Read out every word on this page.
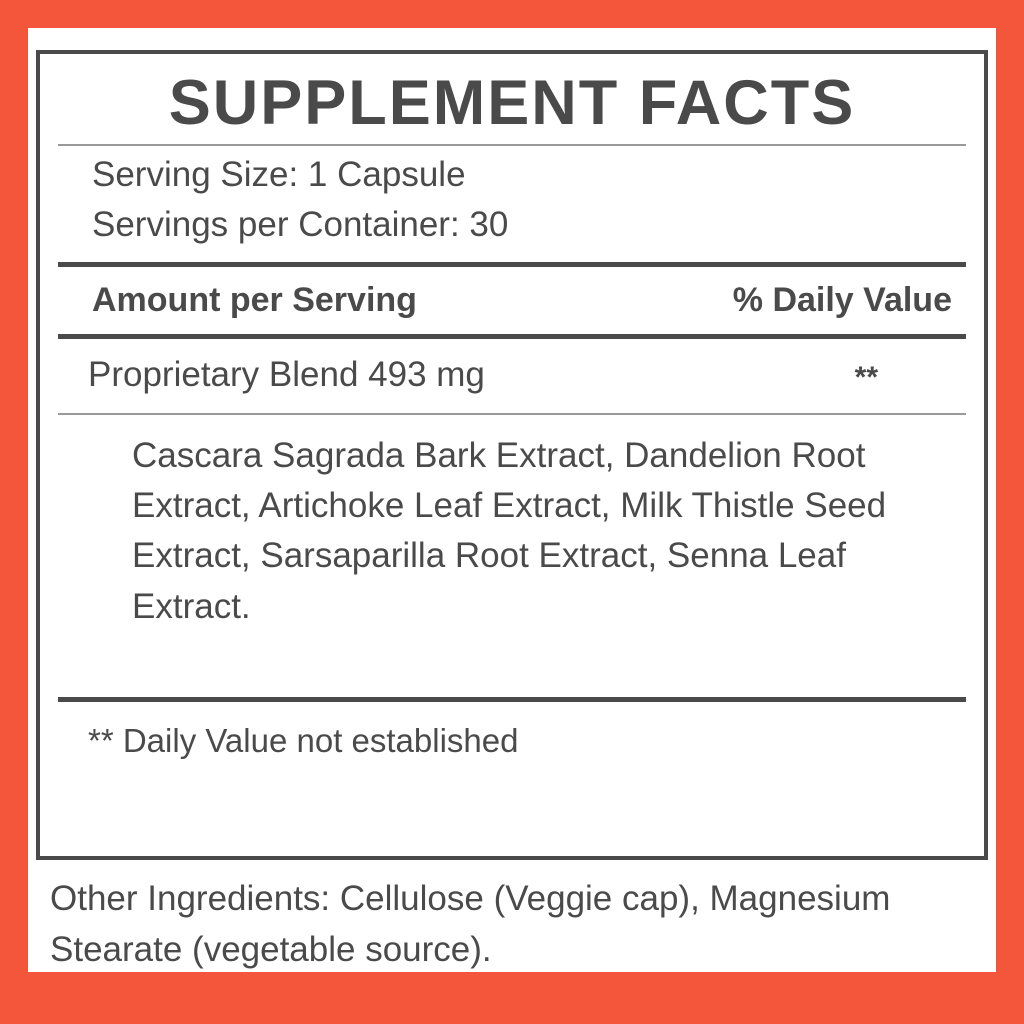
SUPPLEMENT FACTS
Serving Size: 1 Capsule
Servings per Container: 30
Amount per Serving	% Daily Value
Proprietary Blend 493 mg	**
Cascara Sagrada Bark Extract, Dandelion Root Extract, Artichoke Leaf Extract, Milk Thistle Seed Extract, Sarsaparilla Root Extract, Senna Leaf Extract.
** Daily Value not established
Other Ingredients: Cellulose (Veggie cap), Magnesium Stearate (vegetable source).
